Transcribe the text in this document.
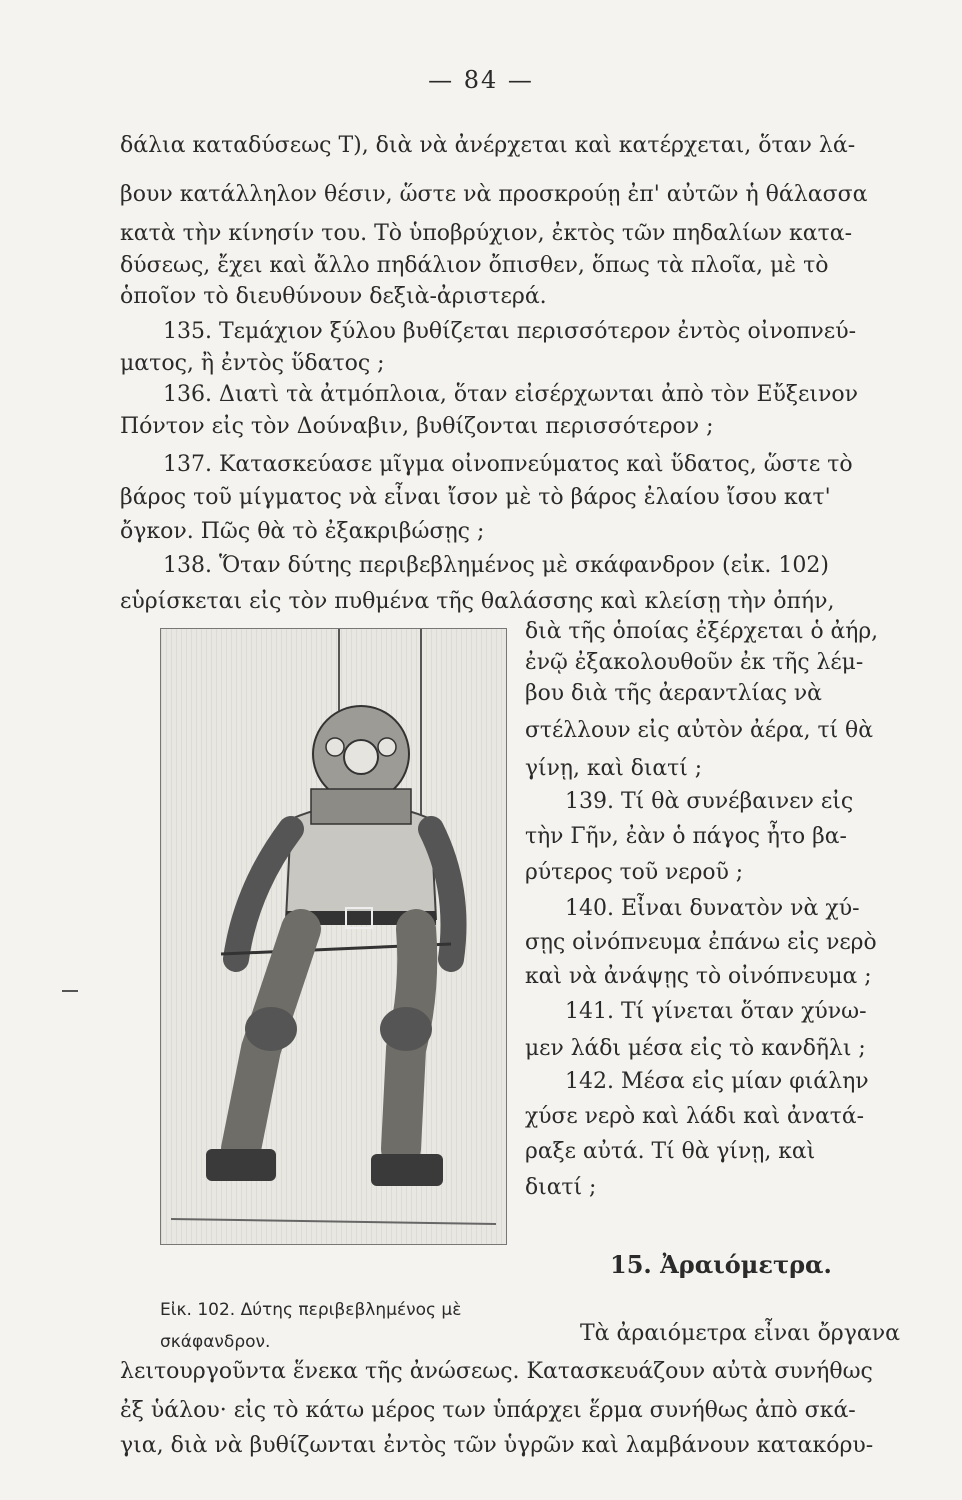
— 84 —
δάλια καταδύσεως Τ), διὰ νὰ ἀνέρχεται καὶ κατέρχεται, ὅταν λά-
βουν κατάλληλον θέσιν, ὥστε νὰ προσκρούῃ ἐπ' αὐτῶν ἡ θάλασσα
κατὰ τὴν κίνησίν του. Τὸ ὑποβρύχιον, ἐκτὸς τῶν πηδαλίων κατα-
δύσεως, ἔχει καὶ ἄλλο πηδάλιον ὄπισθεν, ὅπως τὰ πλοῖα, μὲ τὸ
ὁποῖον τὸ διευθύνουν δεξιὰ-ἀριστερά.
135. Τεμάχιον ξύλου βυθίζεται περισσότερον ἐντὸς οἰνοπνεύ-
ματος, ἢ ἐντὸς ὕδατος ;
136. Διατὶ τὰ ἀτμόπλοια, ὅταν εἰσέρχωνται ἀπὸ τὸν Εὔξεινον
Πόντον εἰς τὸν Δούναβιν, βυθίζονται περισσότερον ;
137. Κατασκεύασε μῖγμα οἰνοπνεύματος καὶ ὕδατος, ὥστε τὸ
βάρος τοῦ μίγματος νὰ εἶναι ἴσον μὲ τὸ βάρος ἐλαίου ἴσου κατ'
ὄγκον. Πῶς θὰ τὸ ἐξακριβώσῃς ;
138. Ὅταν δύτης περιβεβλημένος μὲ σκάφανδρον (εἰκ. 102)
εὑρίσκεται εἰς τὸν πυθμένα τῆς θαλάσσης καὶ κλείσῃ τὴν ὀπήν,
διὰ τῆς ὁποίας ἐξέρχεται ὁ ἀήρ,
ἐνῷ ἐξακολουθοῦν ἐκ τῆς λέμ-
βου διὰ τῆς ἀεραντλίας νὰ
στέλλουν εἰς αὐτὸν ἀέρα, τί θὰ
γίνῃ, καὶ διατί ;
139. Τί θὰ συνέβαινεν εἰς
τὴν Γῆν, ἐὰν ὁ πάγος ἦτο βα-
ρύτερος τοῦ νεροῦ ;
140. Εἶναι δυνατὸν νὰ χύ-
σῃς οἰνόπνευμα ἐπάνω εἰς νερὸ
καὶ νὰ ἀνάψῃς τὸ οἰνόπνευμα ;
141. Τί γίνεται ὅταν χύνω-
μεν λάδι μέσα εἰς τὸ κανδῆλι ;
142. Μέσα εἰς μίαν φιάλην
χύσε νερὸ καὶ λάδι καὶ ἀνατά-
ραξε αὐτά. Τί θὰ γίνῃ, καὶ
διατί ;
15. Ἀραιόμετρα.
Εἰκ. 102. Δύτης περιβεβλημένος μὲ
σκάφανδρον.	Τὰ ἀραιόμετρα εἶναι ὄργανα
λειτουργοῦντα ἕνεκα τῆς ἀνώσεως. Κατασκευάζουν αὐτὰ συνήθως
ἐξ ὑάλου· εἰς τὸ κάτω μέρος των ὑπάρχει ἕρμα συνήθως ἀπὸ σκά-
για, διὰ νὰ βυθίζωνται ἐντὸς τῶν ὑγρῶν καὶ λαμβάνουν κατακόρυ-
